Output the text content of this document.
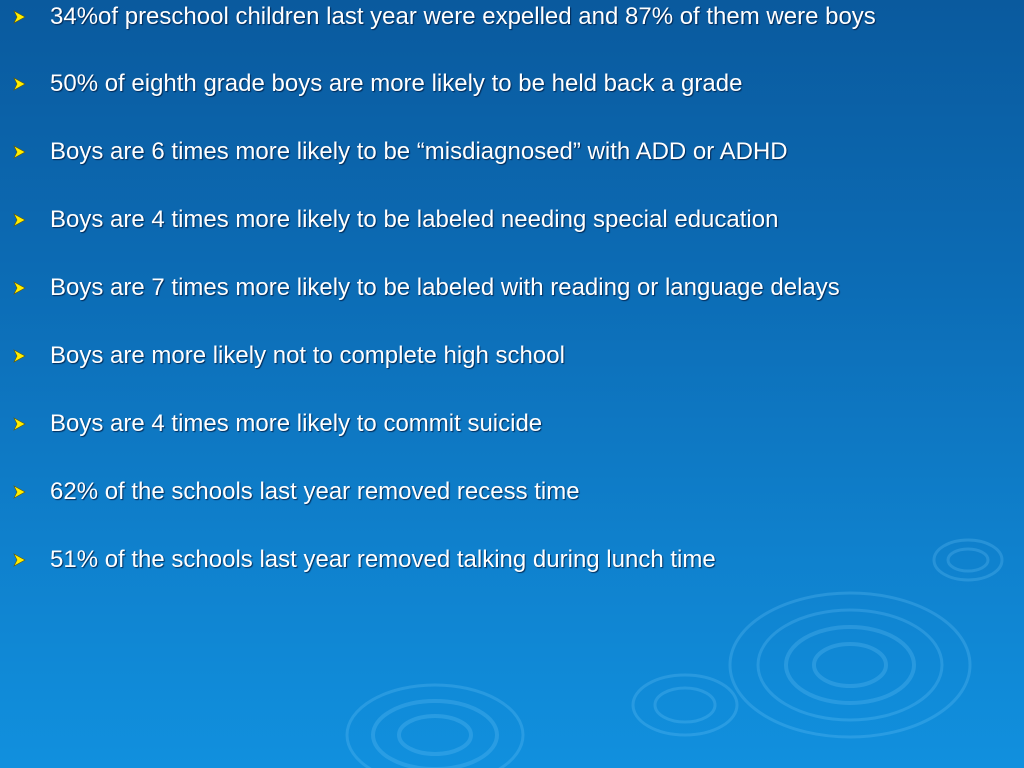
34%of preschool children last year were expelled and 87% of them were boys
50% of eighth grade boys are more likely to be held back a grade
Boys are 6 times more likely to be “misdiagnosed” with ADD or ADHD
Boys are 4 times more likely to be labeled needing special education
Boys are 7 times more likely to be labeled with reading or language delays
Boys are more likely not to complete high school
Boys are 4 times more likely to commit suicide
62% of the schools last year removed recess time
51% of the schools last year removed talking during lunch time
